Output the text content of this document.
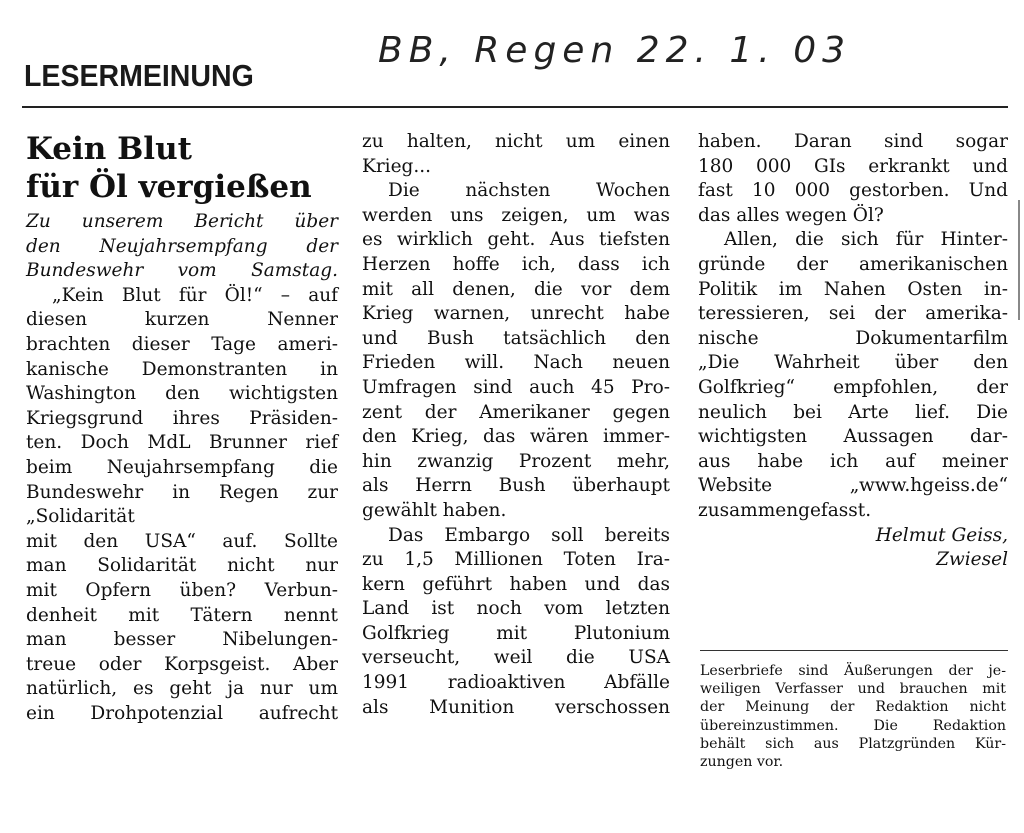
LESERMEINUNG
BB, Regen 22. 1. 03
Kein Blut
für Öl vergießen

Zu unserem Bericht über
den Neujahrsempfang der
Bundeswehr vom Samstag.

„Kein Blut für Öl!“ – auf
diesen kurzen Nenner
brachten dieser Tage ameri-
kanische Demonstranten in
Washington den wichtigsten
Kriegsgrund ihres Präsiden-
ten. Doch MdL Brunner rief
beim Neujahrsempfang die
Bundeswehr in Regen zur
„Solidarität
mit den USA“ auf. Sollte
man Solidarität nicht nur
mit Opfern üben? Verbun-
denheit mit Tätern nennt
man besser Nibelungen-
treue oder Korpsgeist. Aber
natürlich, es geht ja nur um
ein Drohpotenzial aufrecht

zu halten, nicht um einen
Krieg...

Die nächsten Wochen
werden uns zeigen, um was
es wirklich geht. Aus tiefsten
Herzen hoffe ich, dass ich
mit all denen, die vor dem
Krieg warnen, unrecht habe
und Bush tatsächlich den
Frieden will. Nach neuen
Umfragen sind auch 45 Pro-
zent der Amerikaner gegen
den Krieg, das wären immer-
hin zwanzig Prozent mehr,
als Herrn Bush überhaupt
gewählt haben.

Das Embargo soll bereits
zu 1,5 Millionen Toten Ira-
kern geführt haben und das
Land ist noch vom letzten
Golfkrieg mit Plutonium
verseucht, weil die USA
1991 radioaktiven Abfälle
als Munition verschossen

haben. Daran sind sogar
180 000 GIs erkrankt und
fast 10 000 gestorben. Und
das alles wegen Öl?

Allen, die sich für Hinter-
gründe der amerikanischen
Politik im Nahen Osten in-
teressieren, sei der amerika-
nische Dokumentarfilm
„Die Wahrheit über den
Golfkrieg“ empfohlen, der
neulich bei Arte lief. Die
wichtigsten Aussagen dar-
aus habe ich auf meiner
Website „www.hgeiss.de“
zusammengefasst.

Helmut Geiss,
Zwiesel

Leserbriefe sind Äußerungen der je-
weiligen Verfasser und brauchen mit
der Meinung der Redaktion nicht
übereinzustimmen. Die Redaktion
behält sich aus Platzgründen Kür-
zungen vor.
